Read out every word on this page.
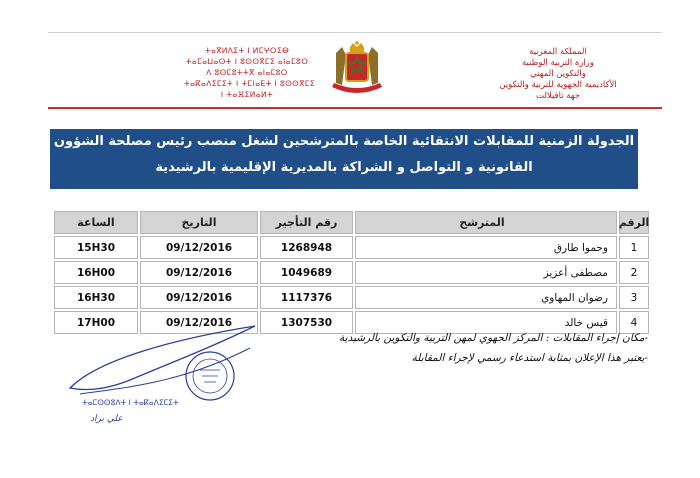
ⵜⴰⴳⵍⴷⵉⵜ ⵏ ⵍⵎⵖⵔⵉⴱ
ⵜⴰⵎⴰⵡⴰⵙⵜ ⵏ ⵓⵙⵙⴳⵎⵉ ⴰⵏⴰⵎⵓⵔ
ⴷ ⵓⵙⵎⵓⵜⵜⴳ ⴰⵏⴰⵎⵓⵔ
ⵜⴰⴽⴰⴷⵉⵎⵉⵜ ⵏ ⵜⵎⵏⴰⴹⵜ ⵏ ⵓⵙⵙⴳⵎⵉ
ⵏ ⵜⴰⴼⵉⵍⴰⵍⵜ
المملكة المغربية
وزارة التربية الوطنية
والتكوين المهني
الأكاديمية الجهوية للتربية والتكوين
جهة تافيلالت
الجدولة الزمنية للمقابلات الانتقائية الخاصة بالمترشحين لشغل منصب رئيس مصلحة الشؤون
القانونية و التواصل و الشراكة بالمديرية الإقليمية بالرشيدية
الرقم
المترشح
رقم التأجير
التاريخ
الساعة
1
وحموا طارق
1268948
09/12/2016
15H30
2
مصطفى أعزيز
1049689
09/12/2016
16H00
3
رضوان المهاوي
1117376
09/12/2016
16H30
4
قيس خالد
1307530
09/12/2016
17H00
-مكان إجراء المقابلات : المركز الجهوي لمهن التربية والتكوين بالرشيدية
-يعتبر هذا الإعلان بمثابة استدعاء رسمي لإجراء المقابلة
ⵜⴰⵎⵙⵙⵓⴷⵜ ⵏ ⵜⴰⴽⴰⴷⵉⵎⵉⵜ
علي براد
